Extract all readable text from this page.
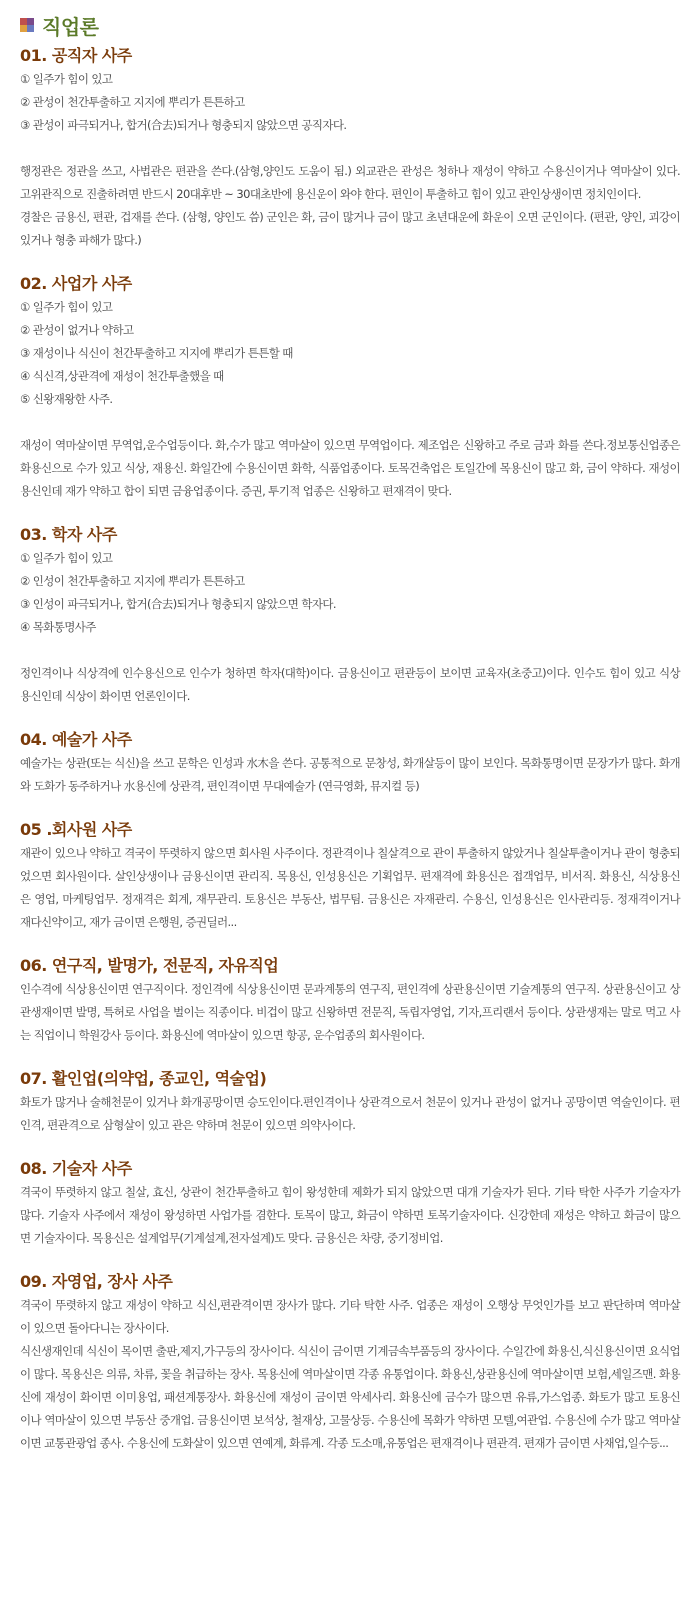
직업론
01. 공직자 사주
① 일주가 힘이 있고
② 관성이 천간투출하고 지지에 뿌리가 튼튼하고
③ 관성이 파극되거나, 합거(合去)되거나 형충되지 않았으면 공직자다.
행정관은 정관을 쓰고, 사법관은 편관을 쓴다.(삼형,양인도 도움이 됨.) 외교관은 관성은 청하나 재성이 약하고 수용신이거나 역마살이 있다. 고위관직으로 진출하려면 반드시 20대후반 ~ 30대초반에 용신운이 와야 한다. 편인이 투출하고 힘이 있고 관인상생이면 정치인이다.
경찰은 금용신, 편관, 겁재를 쓴다. (삼형, 양인도 씀) 군인은 화, 금이 많거나 금이 많고 초년대운에 화운이 오면 군인이다. (편관, 양인, 괴강이 있거나 형충 파해가 많다.)
02. 사업가 사주
① 일주가 힘이 있고
② 관성이 없거나 약하고
③ 재성이나 식신이 천간투출하고 지지에 뿌리가 튼튼할 때
④ 식신격,상관격에 재성이 천간투출했을 때
⑤ 신왕재왕한 사주.
재성이 역마살이면 무역업,운수업등이다. 화,수가 많고 역마살이 있으면 무역업이다. 제조업은 신왕하고 주로 금과 화를 쓴다.정보통신업종은 화용신으로 수가 있고 식상, 재용신. 화일간에 수용신이면 화학, 식품업종이다. 토목건축업은 토일간에 목용신이 많고 화, 금이 약하다. 재성이 용신인데 재가 약하고 합이 되면 금융업종이다. 증권, 투기적 업종은 신왕하고 편재격이 맞다.
03. 학자 사주
① 일주가 힘이 있고
② 인성이 천간투출하고 지지에 뿌리가 튼튼하고
③ 인성이 파극되거나, 합거(合去)되거나 형충되지 않았으면 학자다.
④ 목화통명사주
정인격이나 식상격에 인수용신으로 인수가 청하면 학자(대학)이다. 금용신이고 편관등이 보이면 교육자(초중고)이다. 인수도 힘이 있고 식상용신인데 식상이 화이면 언론인이다.
04. 예술가 사주
예술가는 상관(또는 식신)을 쓰고 문학은 인성과 水木을 쓴다. 공통적으로 문창성, 화개살등이 많이 보인다. 목화통명이면 문장가가 많다. 화개와 도화가 동주하거나 水용신에 상관격, 편인격이면 무대예술가 (연극영화, 뮤지컬 등)
05 .회사원 사주
재관이 있으나 약하고 격국이 뚜렷하지 않으면 회사원 사주이다. 정관격이나 칠살격으로 관이 투출하지 않았거나 칠살투출이거나 관이 형충되었으면 회사원이다. 살인상생이나 금용신이면 관리직. 목용신, 인성용신은 기획업무. 편재격에 화용신은 접객업무, 비서직. 화용신, 식상용신은 영업, 마케팅업무. 정재격은 회계, 재무관리. 토용신은 부동산, 법무팀. 금용신은 자재관리. 수용신, 인성용신은 인사관리등. 정재격이거나 재다신약이고, 재가 금이면 은행원, 증권딜러...
06. 연구직, 발명가, 전문직, 자유직업
인수격에 식상용신이면 연구직이다. 정인격에 식상용신이면 문과계통의 연구직, 편인격에 상관용신이면 기술계통의 연구직. 상관용신이고 상관생재이면 발명, 특허로 사업을 벌이는 직종이다. 비겁이 많고 신왕하면 전문직, 독립자영업, 기자,프리랜서 등이다. 상관생재는 말로 먹고 사는 직업이니 학원강사 등이다. 화용신에 역마살이 있으면 항공, 운수업종의 회사원이다.
07. 활인업(의약업, 종교인, 역술업)
화토가 많거나 술해천문이 있거나 화개공망이면 승도인이다.편인격이나 상관격으로서 천문이 있거나 관성이 없거나 공망이면 역술인이다. 편인격, 편관격으로 삼형살이 있고 관은 약하며 천문이 있으면 의약사이다.
08. 기술자 사주
격국이 뚜렷하지 않고 칠살, 효신, 상관이 천간투출하고 힘이 왕성한데 제화가 되지 않았으면 대개 기술자가 된다. 기타 탁한 사주가 기술자가 많다. 기술자 사주에서 재성이 왕성하면 사업가를 겸한다. 토목이 많고, 화금이 약하면 토목기술자이다. 신강한데 재성은 약하고 화금이 많으면 기술자이다. 목용신은 설계업무(기계설계,전자설계)도 맞다. 금용신은 차량, 중기정비업.
09. 자영업, 장사 사주
격국이 뚜렷하지 않고 재성이 약하고 식신,편관격이면 장사가 많다. 기타 탁한 사주. 업종은 재성이 오행상 무엇인가를 보고 판단하며 역마살이 있으면 돌아다니는 장사이다.
식신생재인데 식신이 목이면 출판,제지,가구등의 장사이다. 식신이 금이면 기계금속부품등의 장사이다. 수일간에 화용신,식신용신이면 요식업이 많다. 목용신은 의류, 차류, 꽃을 취급하는 장사. 목용신에 역마살이면 각종 유통업이다. 화용신,상관용신에 역마살이면 보험,세일즈맨. 화용신에 재성이 화이면 이미용업, 패션계통장사. 화용신에 재성이 금이면 악세사리. 화용신에 금수가 많으면 유류,가스업종. 화토가 많고 토용신이나 역마살이 있으면 부동산 중개업. 금용신이면 보석상, 철재상, 고물상등. 수용신에 목화가 약하면 모텔,여관업. 수용신에 수가 많고 역마살이면 교통관광업 종사. 수용신에 도화살이 있으면 연예계, 화류계. 각종 도소매,유통업은 편재격이나 편관격. 편재가 금이면 사채업,일수등...
